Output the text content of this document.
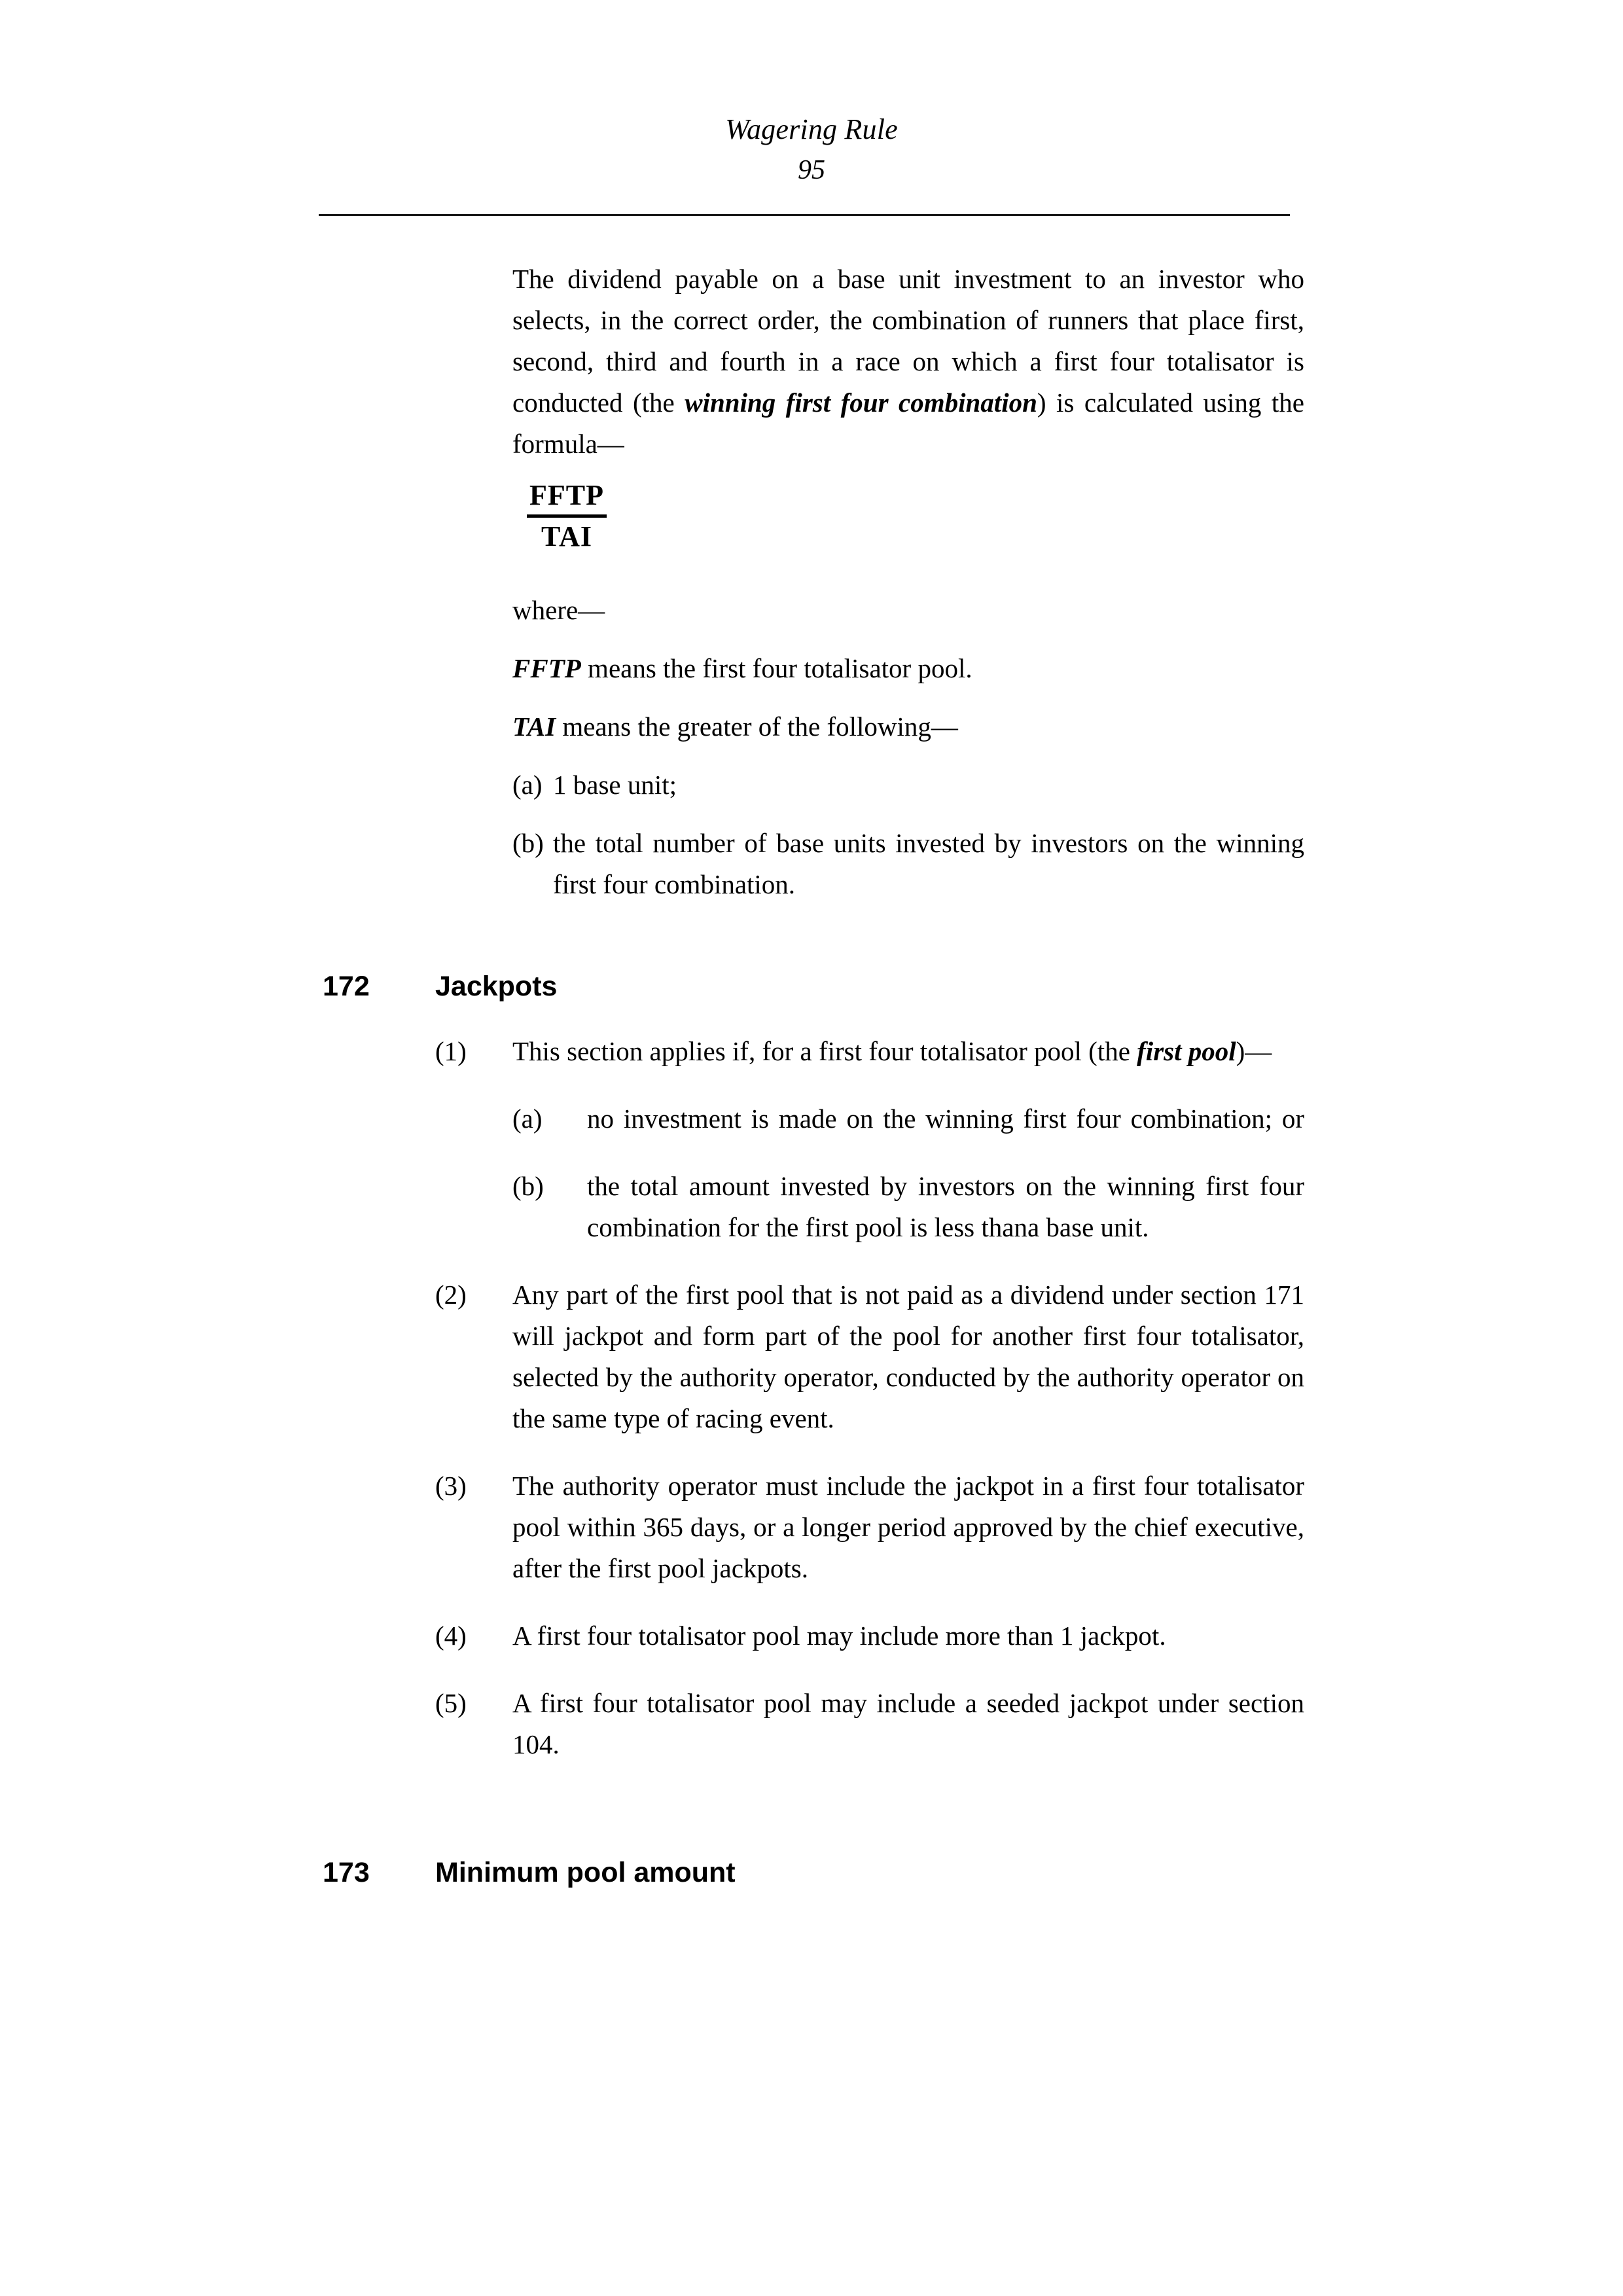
Wagering Rule
95

The dividend payable on a base unit investment to an investor who selects, in the correct order, the combination of runners that place first, second, third and fourth in a race on which a first four totalisator is conducted (the winning first four combination) is calculated using the formula—

FFTP
TAI
where—
FFTP means the first four totalisator pool.
TAI means the greater of the following—
(a) 1 base unit;
(b) the total number of base units invested by investors on the winning first four combination.
172	Jackpots
(1)	This section applies if, for a first four totalisator pool (the first pool)—
(a)	no investment is made on the winning first four combination; or
(b)	the total amount invested by investors on the winning first four combination for the first pool is less thana base unit.
(2)	Any part of the first pool that is not paid as a dividend under section 171 will jackpot and form part of the pool for another first four totalisator, selected by the authority operator, conducted by the authority operator on the same type of racing event.
(3)	The authority operator must include the jackpot in a first four totalisator pool within 365 days, or a longer period approved by the chief executive, after the first pool jackpots.
(4)	A first four totalisator pool may include more than 1 jackpot.
(5)	A first four totalisator pool may include a seeded jackpot under section 104.
173	Minimum pool amount
